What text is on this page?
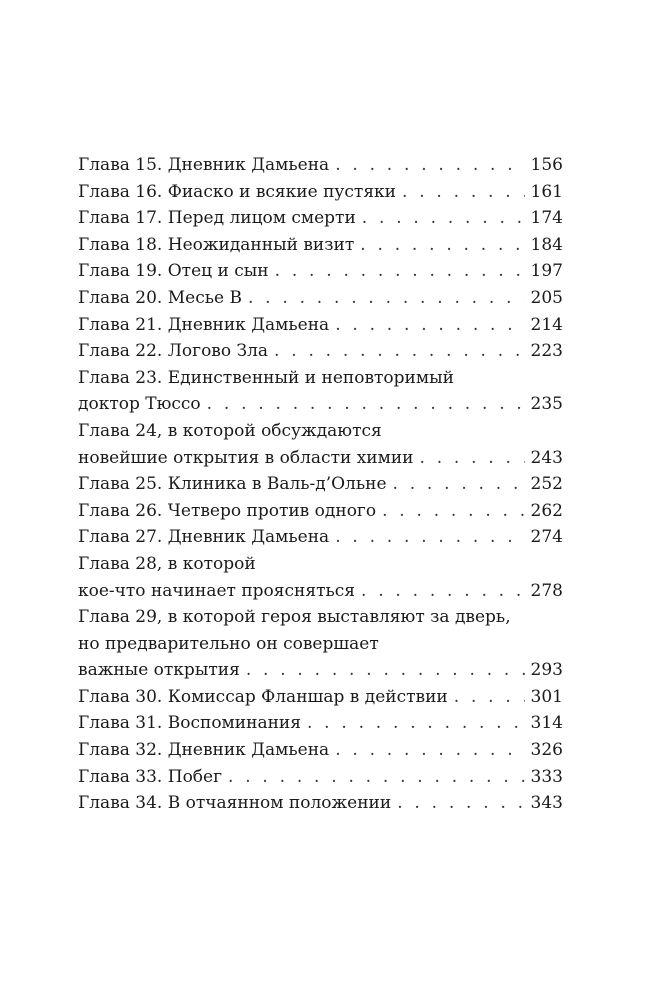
Глава 15. Дневник Дамьена . . .	156
Глава 16. Фиаско и всякие пустяки . . .	161
Глава 17. Перед лицом смерти . . .	174
Глава 18. Неожиданный визит . . .	184
Глава 19. Отец и сын . . .	197
Глава 20. Месье В . . .	205
Глава 21. Дневник Дамьена . . .	214
Глава 22. Логово Зла . . .	223
Глава 23. Единственный и неповторимый
доктор Тюссо . . .	235
Глава 24, в которой обсуждаются
новейшие открытия в области химии . . .	243
Глава 25. Клиника в Валь-д’Ольне . . .	252
Глава 26. Четверо против одного . . .	262
Глава 27. Дневник Дамьена . . .	274
Глава 28, в которой
кое-что начинает проясняться . . .	278
Глава 29, в которой героя выставляют за дверь,
но предварительно он совершает
важные открытия . . .	293
Глава 30. Комиссар Фланшар в действии . . .	301
Глава 31. Воспоминания . . .	314
Глава 32. Дневник Дамьена . . .	326
Глава 33. Побег . . .	333
Глава 34. В отчаянном положении . . .	343
